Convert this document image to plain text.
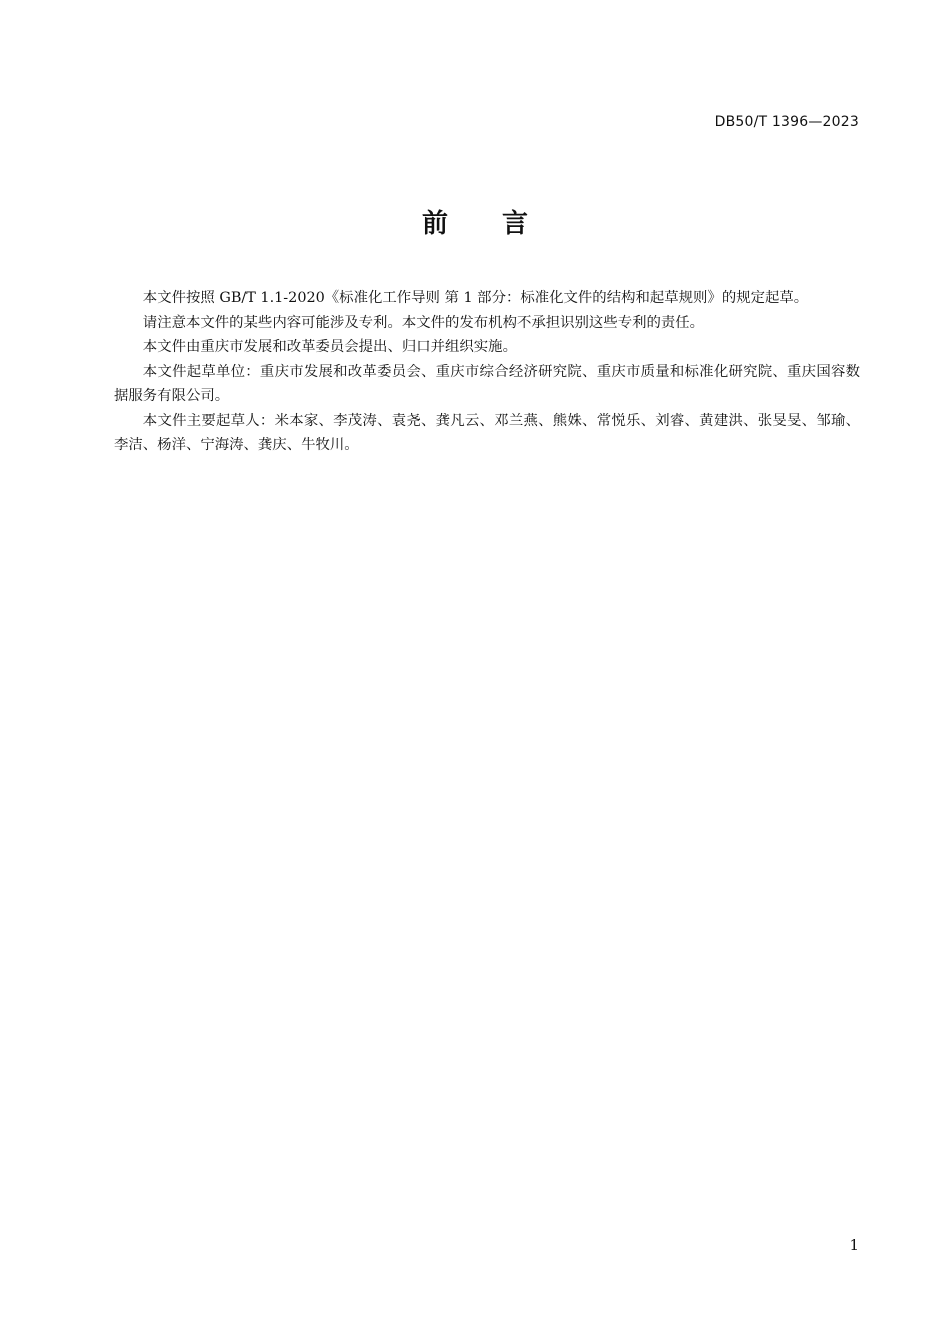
DB50/T 1396—2023
前言

本文件按照 GB/T 1.1-2020《标准化工作导则 第 1 部分：标准化文件的结构和起草规则》的规定起草。

请注意本文件的某些内容可能涉及专利。本文件的发布机构不承担识别这些专利的责任。

本文件由重庆市发展和改革委员会提出、归口并组织实施。

本文件起草单位：重庆市发展和改革委员会、重庆市综合经济研究院、重庆市质量和标准化研究院、重庆国容数据服务有限公司。

本文件主要起草人：米本家、李茂涛、袁尧、龚凡云、邓兰燕、熊姝、常悦乐、刘睿、黄建洪、张旻旻、邹瑜、李洁、杨洋、宁海涛、龚庆、牛牧川。

1
